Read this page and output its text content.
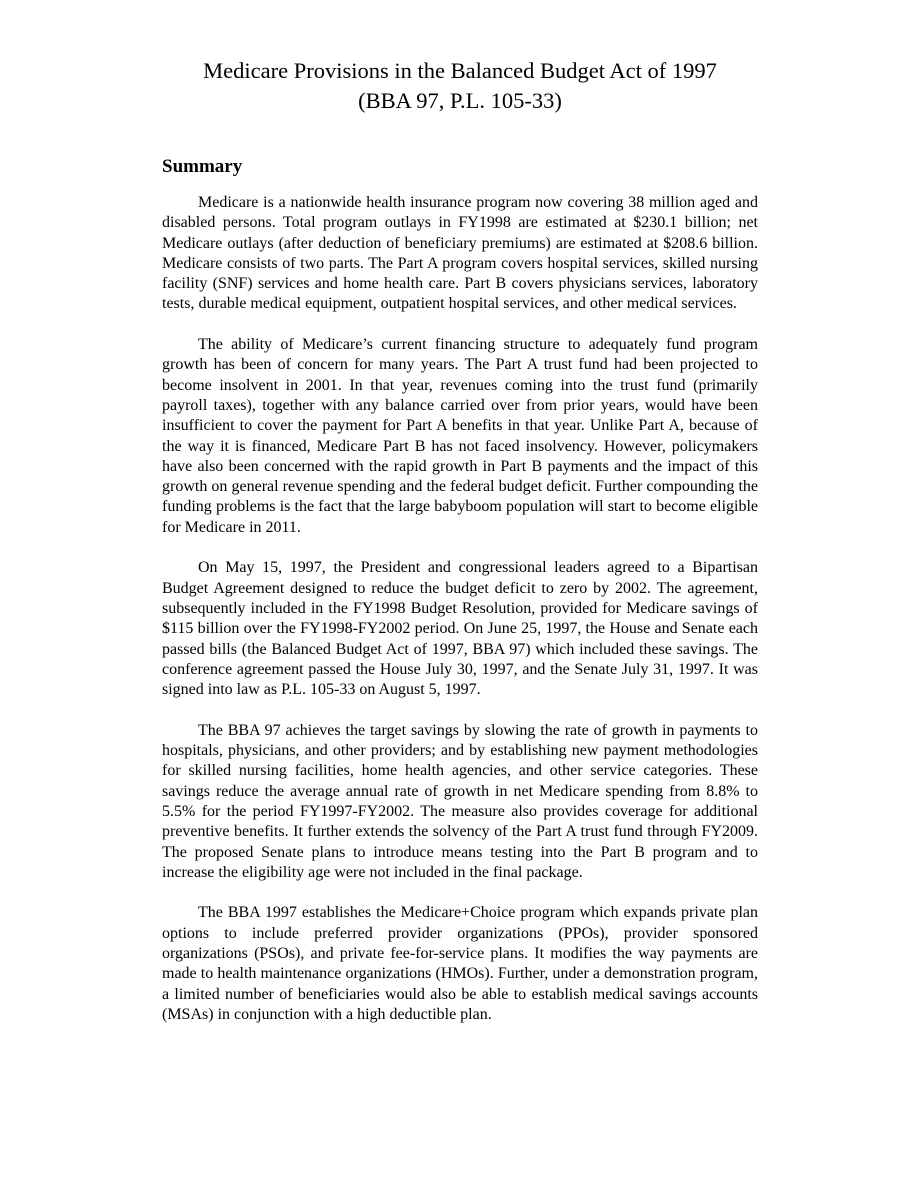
Medicare Provisions in the Balanced Budget Act of 1997
(BBA 97, P.L. 105-33)
Summary

Medicare is a nationwide health insurance program now covering 38 million aged and disabled persons. Total program outlays in FY1998 are estimated at $230.1 billion; net Medicare outlays (after deduction of beneficiary premiums) are estimated at $208.6 billion. Medicare consists of two parts. The Part A program covers hospital services, skilled nursing facility (SNF) services and home health care. Part B covers physicians services, laboratory tests, durable medical equipment, outpatient hospital services, and other medical services.

The ability of Medicare’s current financing structure to adequately fund program growth has been of concern for many years. The Part A trust fund had been projected to become insolvent in 2001. In that year, revenues coming into the trust fund (primarily payroll taxes), together with any balance carried over from prior years, would have been insufficient to cover the payment for Part A benefits in that year. Unlike Part A, because of the way it is financed, Medicare Part B has not faced insolvency. However, policymakers have also been concerned with the rapid growth in Part B payments and the impact of this growth on general revenue spending and the federal budget deficit. Further compounding the funding problems is the fact that the large babyboom population will start to become eligible for Medicare in 2011.

On May 15, 1997, the President and congressional leaders agreed to a Bipartisan Budget Agreement designed to reduce the budget deficit to zero by 2002. The agreement, subsequently included in the FY1998 Budget Resolution, provided for Medicare savings of $115 billion over the FY1998-FY2002 period. On June 25, 1997, the House and Senate each passed bills (the Balanced Budget Act of 1997, BBA 97) which included these savings. The conference agreement passed the House July 30, 1997, and the Senate July 31, 1997. It was signed into law as P.L. 105-33 on August 5, 1997.

The BBA 97 achieves the target savings by slowing the rate of growth in payments to hospitals, physicians, and other providers; and by establishing new payment methodologies for skilled nursing facilities, home health agencies, and other service categories. These savings reduce the average annual rate of growth in net Medicare spending from 8.8% to 5.5% for the period FY1997-FY2002. The measure also provides coverage for additional preventive benefits. It further extends the solvency of the Part A trust fund through FY2009. The proposed Senate plans to introduce means testing into the Part B program and to increase the eligibility age were not included in the final package.

The BBA 1997 establishes the Medicare+Choice program which expands private plan options to include preferred provider organizations (PPOs), provider sponsored organizations (PSOs), and private fee-for-service plans. It modifies the way payments are made to health maintenance organizations (HMOs). Further, under a demonstration program, a limited number of beneficiaries would also be able to establish medical savings accounts (MSAs) in conjunction with a high deductible plan.
